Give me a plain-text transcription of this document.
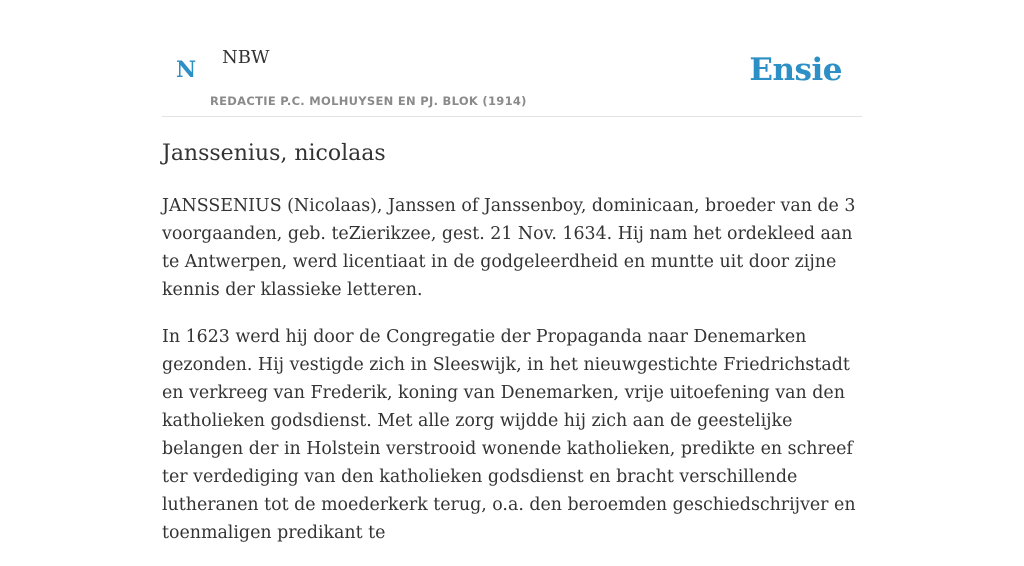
N NBW
REDACTIE P.C. MOLHUYSEN EN PJ. BLOK (1914)
Ensie
Janssenius, nicolaas

JANSSENIUS (Nicolaas), Janssen of Janssenboy, dominicaan, broeder van de 3 voorgaanden, geb. teZierikzee, gest. 21 Nov. 1634. Hij nam het ordekleed aan te Antwerpen, werd licentiaat in de godgeleerdheid en muntte uit door zijne kennis der klassieke letteren.

In 1623 werd hij door de Congregatie der Propaganda naar Denemarken gezonden. Hij vestigde zich in Sleeswijk, in het nieuwgestichte Friedrichstadt en verkreeg van Frederik, koning van Denemarken, vrije uitoefening van den katholieken godsdienst. Met alle zorg wijdde hij zich aan de geestelijke belangen der in Holstein verstrooid wonende katholieken, predikte en schreef ter verdediging van den katholieken godsdienst en bracht verschillende lutheranen tot de moederkerk terug, o.a. den beroemden geschiedschrijver en toenmaligen predikant te
